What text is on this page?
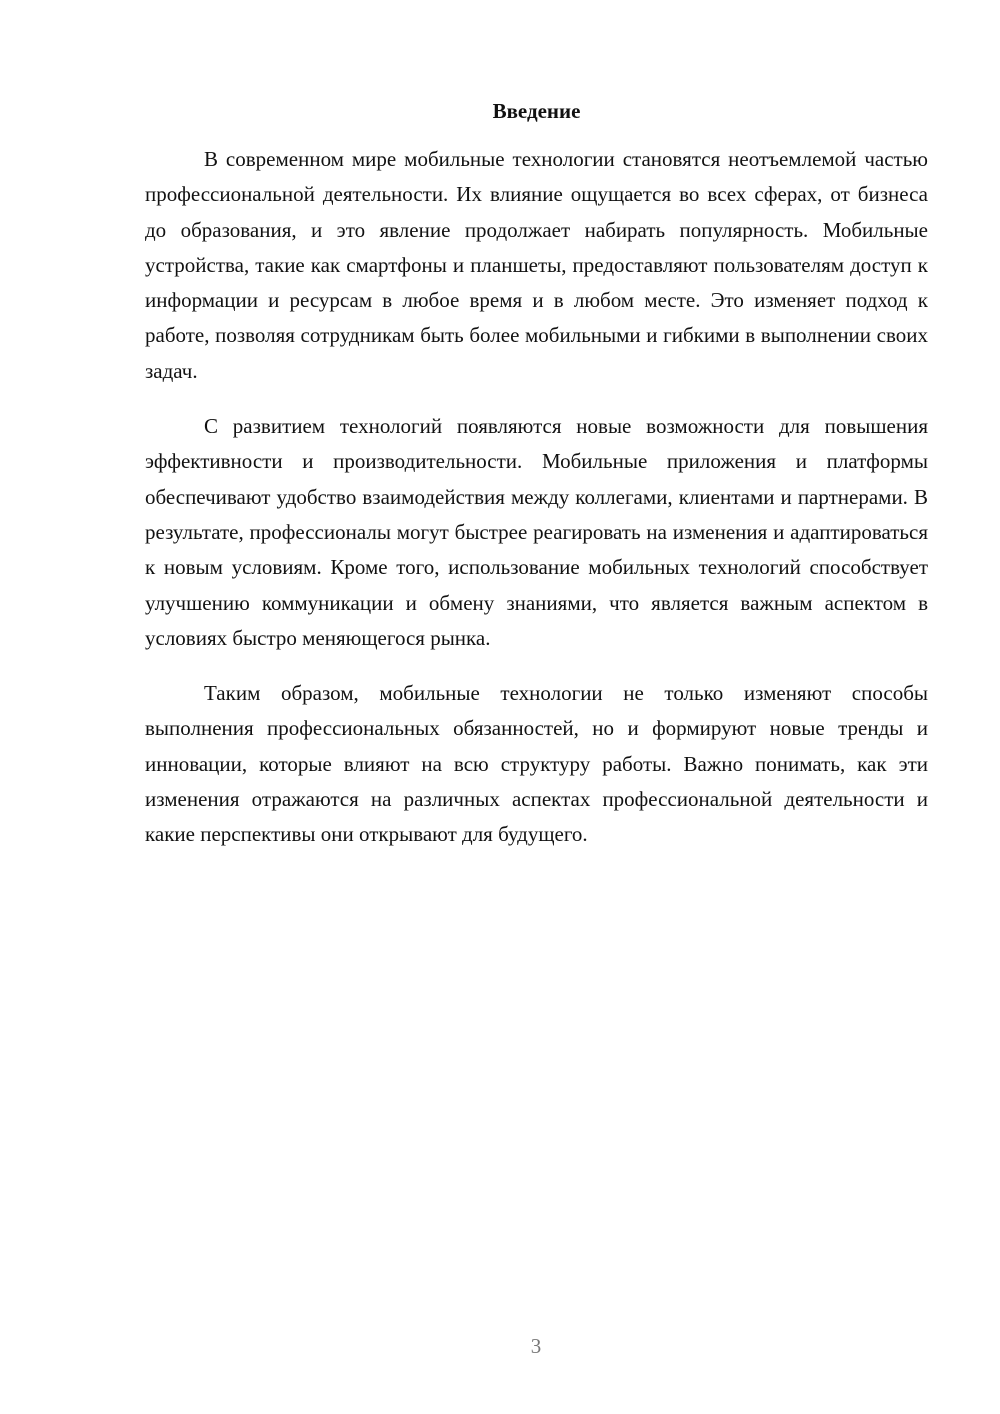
Введение

В современном мире мобильные технологии становятся неотъемлемой частью профессиональной деятельности. Их влияние ощущается во всех сферах, от бизнеса до образования, и это явление продолжает набирать популярность. Мобильные устройства, такие как смартфоны и планшеты, предоставляют пользователям доступ к информации и ресурсам в любое время и в любом месте. Это изменяет подход к работе, позволяя сотрудникам быть более мобильными и гибкими в выполнении своих задач.

С развитием технологий появляются новые возможности для повышения эффективности и производительности. Мобильные приложения и платформы обеспечивают удобство взаимодействия между коллегами, клиентами и партнерами. В результате, профессионалы могут быстрее реагировать на изменения и адаптироваться к новым условиям. Кроме того, использование мобильных технологий способствует улучшению коммуникации и обмену знаниями, что является важным аспектом в условиях быстро меняющегося рынка.

Таким образом, мобильные технологии не только изменяют способы выполнения профессиональных обязанностей, но и формируют новые тренды и инновации, которые влияют на всю структуру работы. Важно понимать, как эти изменения отражаются на различных аспектах профессиональной деятельности и какие перспективы они открывают для будущего.

3
